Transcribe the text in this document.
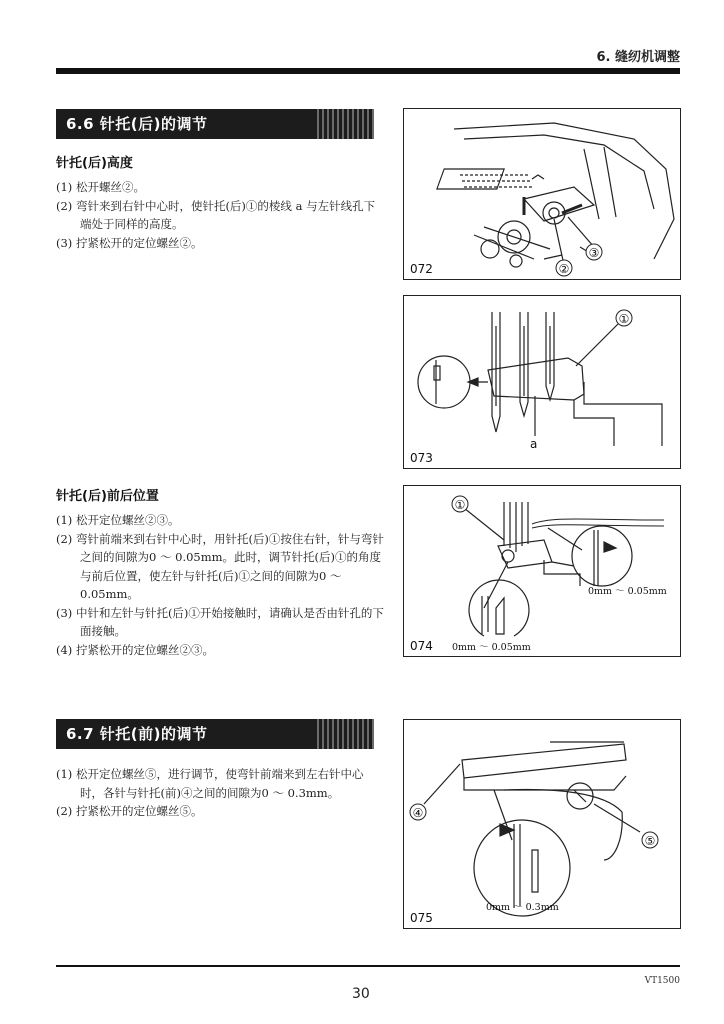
6. 缝纫机调整
6.6 针托(后)的调节
针托(后)高度
(1) 松开螺丝②。
(2) 弯针来到右针中心时，使针托(后)①的棱线 a 与左针线孔下端处于同样的高度。
(3) 拧紧松开的定位螺丝②。
针托(后)前后位置
(1) 松开定位螺丝②③。
(2) 弯针前端来到右针中心时，用针托(后)①按住右针，针与弯针之间的间隙为0 ～ 0.05mm。此时，调节针托(后)①的角度与前后位置，使左针与针托(后)①之间的间隙为0 ～ 0.05mm。
(3) 中针和左针与针托(后)①开始接触时，请确认是否由针孔的下面接触。
(4) 拧紧松开的定位螺丝②③。
6.7 针托(前)的调节
(1) 松开定位螺丝⑤，进行调节，使弯针前端来到左右针中心时，各针与针托(前)④之间的间隙为0 ～ 0.3mm。
(2) 拧紧松开的定位螺丝⑤。
②
③
072
①
a
073
①
0mm ～ 0.05mm
0mm ～ 0.05mm
074
④
⑤
0mm ～ 0.3mm
075
VT1500
30
